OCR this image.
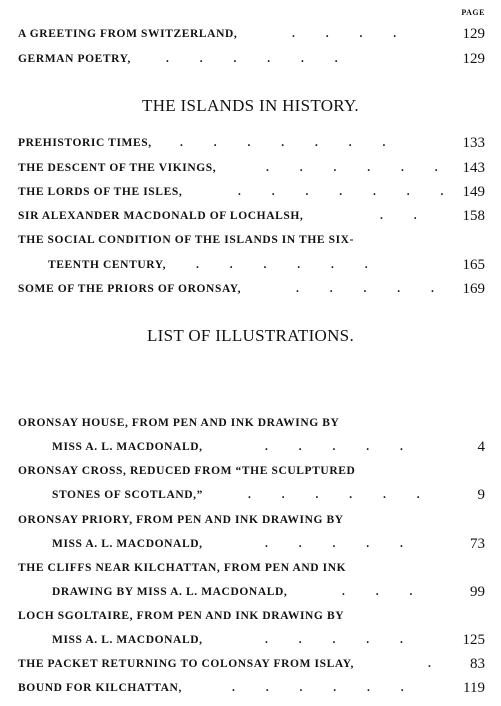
PAGE
A GREETING FROM SWITZERLAND,	. . . .	129
GERMAN POETRY,	. . . . . .	129
THE ISLANDS IN HISTORY.
PREHISTORIC TIMES, . . . . . . .	133
THE DESCENT OF THE VIKINGS,	. . . . . . 143
THE LORDS OF THE ISLES,	. . . . . . . 149
SIR ALEXANDER MACDONALD OF LOCHALSH,	. . 158
THE SOCIAL CONDITION OF THE ISLANDS IN THE SIX-
TEENTH CENTURY,	. . . . . .	165
SOME OF THE PRIORS OF ORONSAY,	. . . . . 169
LIST OF ILLUSTRATIONS.
ORONSAY HOUSE, FROM PEN AND INK DRAWING BY
MISS A. L. MACDONALD,	. . . . .	4
ORONSAY CROSS, REDUCED FROM “THE SCULPTURED
STONES OF SCOTLAND,”	. . . . . .	9
ORONSAY PRIORY, FROM PEN AND INK DRAWING BY
MISS A. L. MACDONALD,	. . . . .	73
THE CLIFFS NEAR KILCHATTAN, FROM PEN AND INK
DRAWING BY MISS A. L. MACDONALD,	. . .	99
LOCH SGOLTAIRE, FROM PEN AND INK DRAWING BY
MISS A. L. MACDONALD,	. . . . .	125
THE PACKET RETURNING TO COLONSAY FROM ISLAY,	. 83
BOUND FOR KILCHATTAN,	. . . . . .	119
